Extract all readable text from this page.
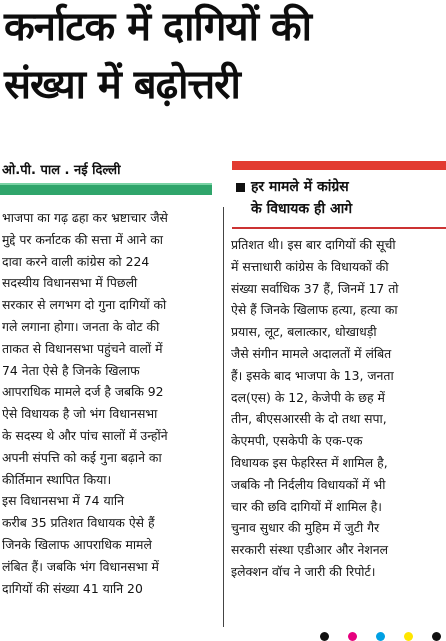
कर्नाटक में दागियों की
संख्या में बढ़ोत्तरी
ओ.पी. पाल . नई दिल्ली
हर मामले में कांग्रेस
के विधायक ही आगे
भाजपा का गढ़ ढहा कर भ्रष्टाचार जैसे
मुद्दे पर कर्नाटक की सत्ता में आने का
दावा करने वाली कांग्रेस को 224
सदस्यीय विधानसभा में पिछली
सरकार से लगभग दो गुना दागियों को
गले लगाना होगा। जनता के वोट की
ताकत से विधानसभा पहुंचने वालों में
74 नेता ऐसे है जिनके खिलाफ
आपराधिक मामले दर्ज है जबकि 92
ऐसे विधायक है जो भंग विधानसभा
के सदस्य थे और पांच सालों में उन्होंने
अपनी संपत्ति को कई गुना बढ़ाने का
कीर्तिमान स्थापित किया।
इस विधानसभा में 74 यानि
करीब 35 प्रतिशत विधायक ऐसे हैं
जिनके खिलाफ आपराधिक मामले
लंबित हैं। जबकि भंग विधानसभा में
दागियों की संख्या 41 यानि 20
प्रतिशत थी। इस बार दागियों की सूची
में सत्ताधारी कांग्रेस के विधायकों की
संख्या सर्वाधिक 37 हैं, जिनमें 17 तो
ऐसे हैं जिनके खिलाफ हत्या, हत्या का
प्रयास, लूट, बलात्कार, धोखाधड़ी
जैसे संगीन मामले अदालतों में लंबित
हैं। इसके बाद भाजपा के 13, जनता
दल(एस) के 12, केजेपी के छह में
तीन, बीएसआरसी के दो तथा सपा,
केएमपी, एसकेपी के एक-एक
विधायक इस फेहरिस्त में शामिल है,
जबकि नौ निर्दलीय विधायकों में भी
चार की छवि दागियों में शामिल है।
चुनाव सुधार की मुहिम में जुटी गैर
सरकारी संस्था एडीआर और नेशनल
इलेक्शन वॉच ने जारी की रिपोर्ट।
